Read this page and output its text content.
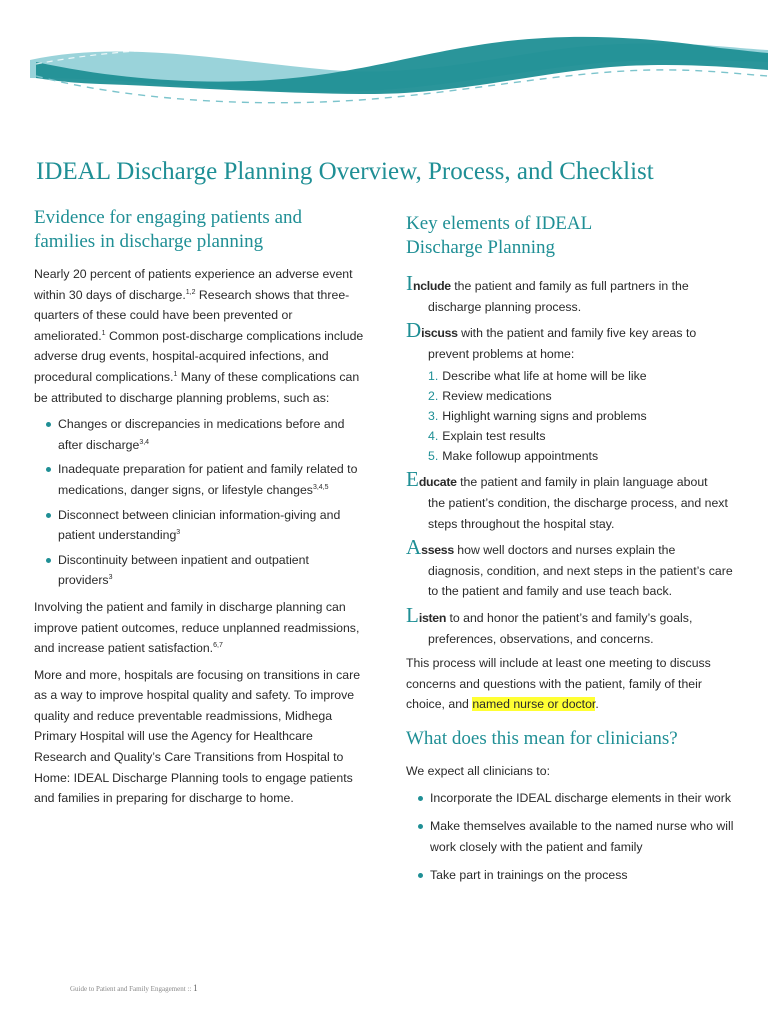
IDEAL Discharge Planning Overview, Process, and Checklist
Evidence for engaging patients and
families in discharge planning

Nearly 20 percent of patients experience an adverse event within 30 days of discharge.$^{1,2}$ Research shows that three-quarters of these could have been prevented or ameliorated.$^1$ Common post-discharge complications include adverse drug events, hospital-acquired infections, and procedural complications.$^1$ Many of these complications can be attributed to discharge planning problems, such as:

Changes or discrepancies in medications before and after discharge$^{3,4}$
Inadequate preparation for patient and family related to medications, danger signs, or lifestyle changes$^{3,4,5}$
Disconnect between clinician information-giving and patient understanding$^3$
Discontinuity between inpatient and outpatient providers$^3$

Involving the patient and family in discharge planning can improve patient outcomes, reduce unplanned readmissions, and increase patient satisfaction.$^{6,7}$

More and more, hospitals are focusing on transitions in care as a way to improve hospital quality and safety. To improve quality and reduce preventable readmissions, Midhega Primary Hospital will use the Agency for Healthcare Research and Quality’s Care Transitions from Hospital to Home: IDEAL Discharge Planning tools to engage patients and families in preparing for discharge to home.

Key elements of IDEAL
Discharge Planning
Include the patient and family as full partners in the
discharge planning process.
Discuss with the patient and family five key areas to
prevent problems at home:
1. Describe what life at home will be like
2. Review medications
3. Highlight warning signs and problems
4. Explain test results
5. Make followup appointments
Educate the patient and family in plain language about
the patient’s condition, the discharge process, and next steps throughout the hospital stay.
Assess how well doctors and nurses explain the
diagnosis, condition, and next steps in the patient’s care to the patient and family and use teach back.
Listen to and honor the patient’s and family’s goals,
preferences, observations, and concerns.

This process will include at least one meeting to discuss concerns and questions with the patient, family of their choice, and named nurse or doctor.

What does this mean for clinicians?

We expect all clinicians to:

Incorporate the IDEAL discharge elements in their work
Make themselves available to the named nurse who will work closely with the patient and family
Take part in trainings on the process
Guide to Patient and Family Engagement :: 1
